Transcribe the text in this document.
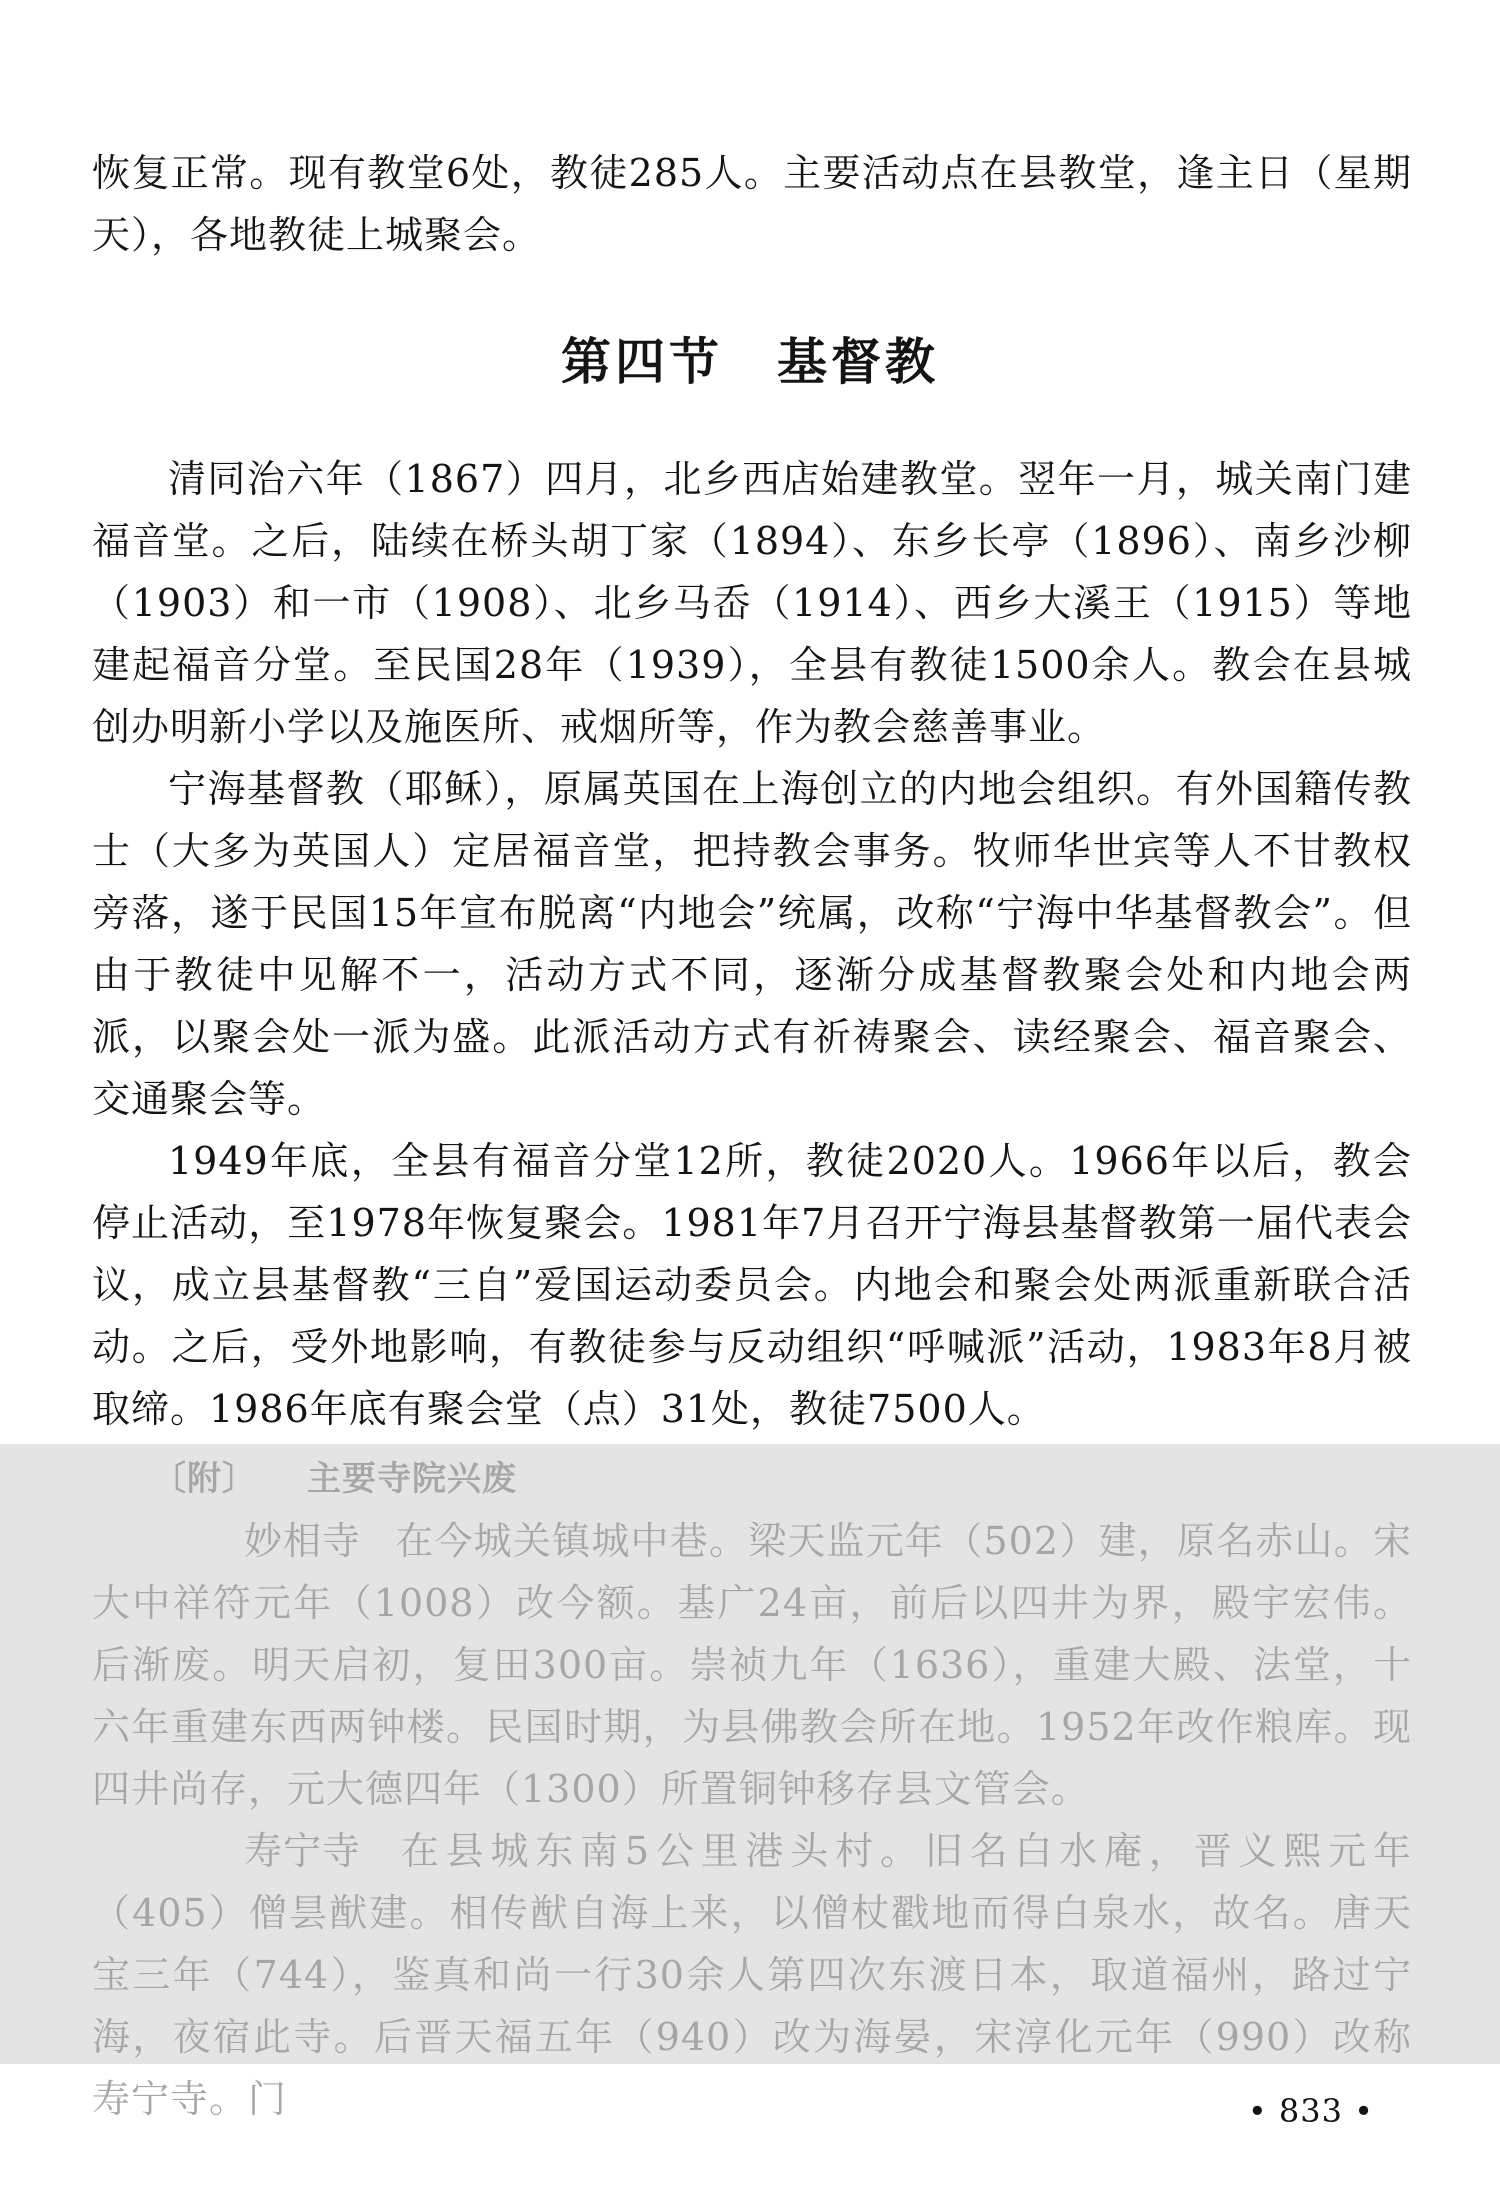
恢复正常。现有教堂6处，教徒285人。主要活动点在县教堂，逢主日（星期天），各地教徒上城聚会。

第四节　基督教

清同治六年（1867）四月，北乡西店始建教堂。翌年一月，城关南门建福音堂。之后，陆续在桥头胡丁家（1894）、东乡长亭（1896）、南乡沙柳（1903）和一市（1908）、北乡马岙（1914）、西乡大溪王（1915）等地建起福音分堂。至民国28年（1939），全县有教徒1500余人。教会在县城创办明新小学以及施医所、戒烟所等，作为教会慈善事业。

宁海基督教（耶稣），原属英国在上海创立的内地会组织。有外国籍传教士（大多为英国人）定居福音堂，把持教会事务。牧师华世宾等人不甘教权旁落，遂于民国15年宣布脱离“内地会”统属，改称“宁海中华基督教会”。但由于教徒中见解不一，活动方式不同，逐渐分成基督教聚会处和内地会两派，以聚会处一派为盛。此派活动方式有祈祷聚会、读经聚会、福音聚会、交通聚会等。

1949年底，全县有福音分堂12所，教徒2020人。1966年以后，教会停止活动，至1978年恢复聚会。1981年7月召开宁海县基督教第一届代表会议，成立县基督教“三自”爱国运动委员会。内地会和聚会处两派重新联合活动。之后，受外地影响，有教徒参与反动组织“呼喊派”活动，1983年8月被取缔。1986年底有聚会堂（点）31处，教徒7500人。

〔附〕 主要寺院兴废

妙相寺 在今城关镇城中巷。梁天监元年（502）建，原名赤山。宋大中祥符元年（1008）改今额。基广24亩，前后以四井为界，殿宇宏伟。后渐废。明天启初，复田300亩。崇祯九年（1636），重建大殿、法堂，十六年重建东西两钟楼。民国时期，为县佛教会所在地。1952年改作粮库。现四井尚存，元大德四年（1300）所置铜钟移存县文管会。

寿宁寺 在县城东南5公里港头村。旧名白水庵，晋义熙元年（405）僧昙猷建。相传猷自海上来，以僧杖戳地而得白泉水，故名。唐天宝三年（744），鉴真和尚一行30余人第四次东渡日本，取道福州，路过宁海，夜宿此寺。后晋天福五年（940）改为海晏，宋淳化元年（990）改称寿宁寺。门	• 833 •
